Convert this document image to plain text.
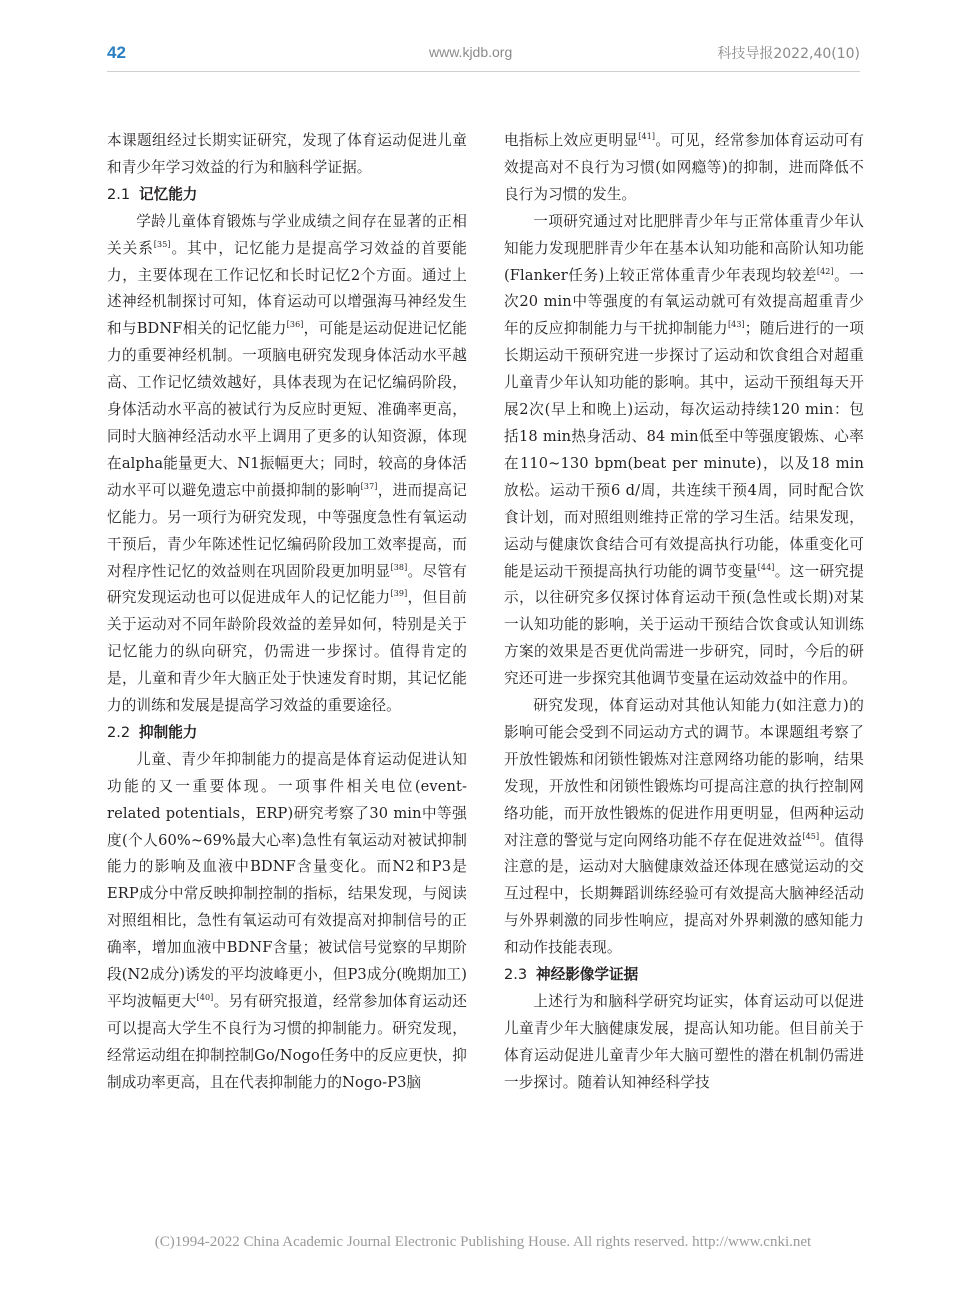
42	www.kjdb.org	科技导报2022,40(10)

本课题组经过长期实证研究，发现了体育运动促进儿童和青少年学习效益的行为和脑科学证据。

2.1 记忆能力

学龄儿童体育锻炼与学业成绩之间存在显著的正相关关系[35]。其中，记忆能力是提高学习效益的首要能力，主要体现在工作记忆和长时记忆2个方面。通过上述神经机制探讨可知，体育运动可以增强海马神经发生和与BDNF相关的记忆能力[36]，可能是运动促进记忆能力的重要神经机制。一项脑电研究发现身体活动水平越高、工作记忆绩效越好，具体表现为在记忆编码阶段，身体活动水平高的被试行为反应时更短、准确率更高，同时大脑神经活动水平上调用了更多的认知资源，体现在alpha能量更大、N1振幅更大；同时，较高的身体活动水平可以避免遗忘中前摄抑制的影响[37]，进而提高记忆能力。另一项行为研究发现，中等强度急性有氧运动干预后，青少年陈述性记忆编码阶段加工效率提高，而对程序性记忆的效益则在巩固阶段更加明显[38]。尽管有研究发现运动也可以促进成年人的记忆能力[39]，但目前关于运动对不同年龄阶段效益的差异如何，特别是关于记忆能力的纵向研究，仍需进一步探讨。值得肯定的是，儿童和青少年大脑正处于快速发育时期，其记忆能力的训练和发展是提高学习效益的重要途径。

2.2 抑制能力

儿童、青少年抑制能力的提高是体育运动促进认知功能的又一重要体现。一项事件相关电位(event-related potentials，ERP)研究考察了30 min中等强度(个人60%~69%最大心率)急性有氧运动对被试抑制能力的影响及血液中BDNF含量变化。而N2和P3是ERP成分中常反映抑制控制的指标，结果发现，与阅读对照组相比，急性有氧运动可有效提高对抑制信号的正确率，增加血液中BDNF含量；被试信号觉察的早期阶段(N2成分)诱发的平均波峰更小，但P3成分(晚期加工)平均波幅更大[40]。另有研究报道，经常参加体育运动还可以提高大学生不良行为习惯的抑制能力。研究发现，经常运动组在抑制控制Go/Nogo任务中的反应更快，抑制成功率更高，且在代表抑制能力的Nogo-P3脑

电指标上效应更明显[41]。可见，经常参加体育运动可有效提高对不良行为习惯(如网瘾等)的抑制，进而降低不良行为习惯的发生。

一项研究通过对比肥胖青少年与正常体重青少年认知能力发现肥胖青少年在基本认知功能和高阶认知功能(Flanker任务)上较正常体重青少年表现均较差[42]。一次20 min中等强度的有氧运动就可有效提高超重青少年的反应抑制能力与干扰抑制能力[43]；随后进行的一项长期运动干预研究进一步探讨了运动和饮食组合对超重儿童青少年认知功能的影响。其中，运动干预组每天开展2次(早上和晚上)运动，每次运动持续120 min：包括18 min热身活动、84 min低至中等强度锻炼、心率在110~130 bpm(beat per minute)，以及18 min放松。运动干预6 d/周，共连续干预4周，同时配合饮食计划，而对照组则维持正常的学习生活。结果发现，运动与健康饮食结合可有效提高执行功能，体重变化可能是运动干预提高执行功能的调节变量[44]。这一研究提示，以往研究多仅探讨体育运动干预(急性或长期)对某一认知功能的影响，关于运动干预结合饮食或认知训练方案的效果是否更优尚需进一步研究，同时，今后的研究还可进一步探究其他调节变量在运动效益中的作用。

研究发现，体育运动对其他认知能力(如注意力)的影响可能会受到不同运动方式的调节。本课题组考察了开放性锻炼和闭锁性锻炼对注意网络功能的影响，结果发现，开放性和闭锁性锻炼均可提高注意的执行控制网络功能，而开放性锻炼的促进作用更明显，但两种运动对注意的警觉与定向网络功能不存在促进效益[45]。值得注意的是，运动对大脑健康效益还体现在感觉运动的交互过程中，长期舞蹈训练经验可有效提高大脑神经活动与外界刺激的同步性响应，提高对外界刺激的感知能力和动作技能表现。

2.3 神经影像学证据

上述行为和脑科学研究均证实，体育运动可以促进儿童青少年大脑健康发展，提高认知功能。但目前关于体育运动促进儿童青少年大脑可塑性的潜在机制仍需进一步探讨。随着认知神经科学技

(C)1994-2022 China Academic Journal Electronic Publishing House. All rights reserved. http://www.cnki.net
